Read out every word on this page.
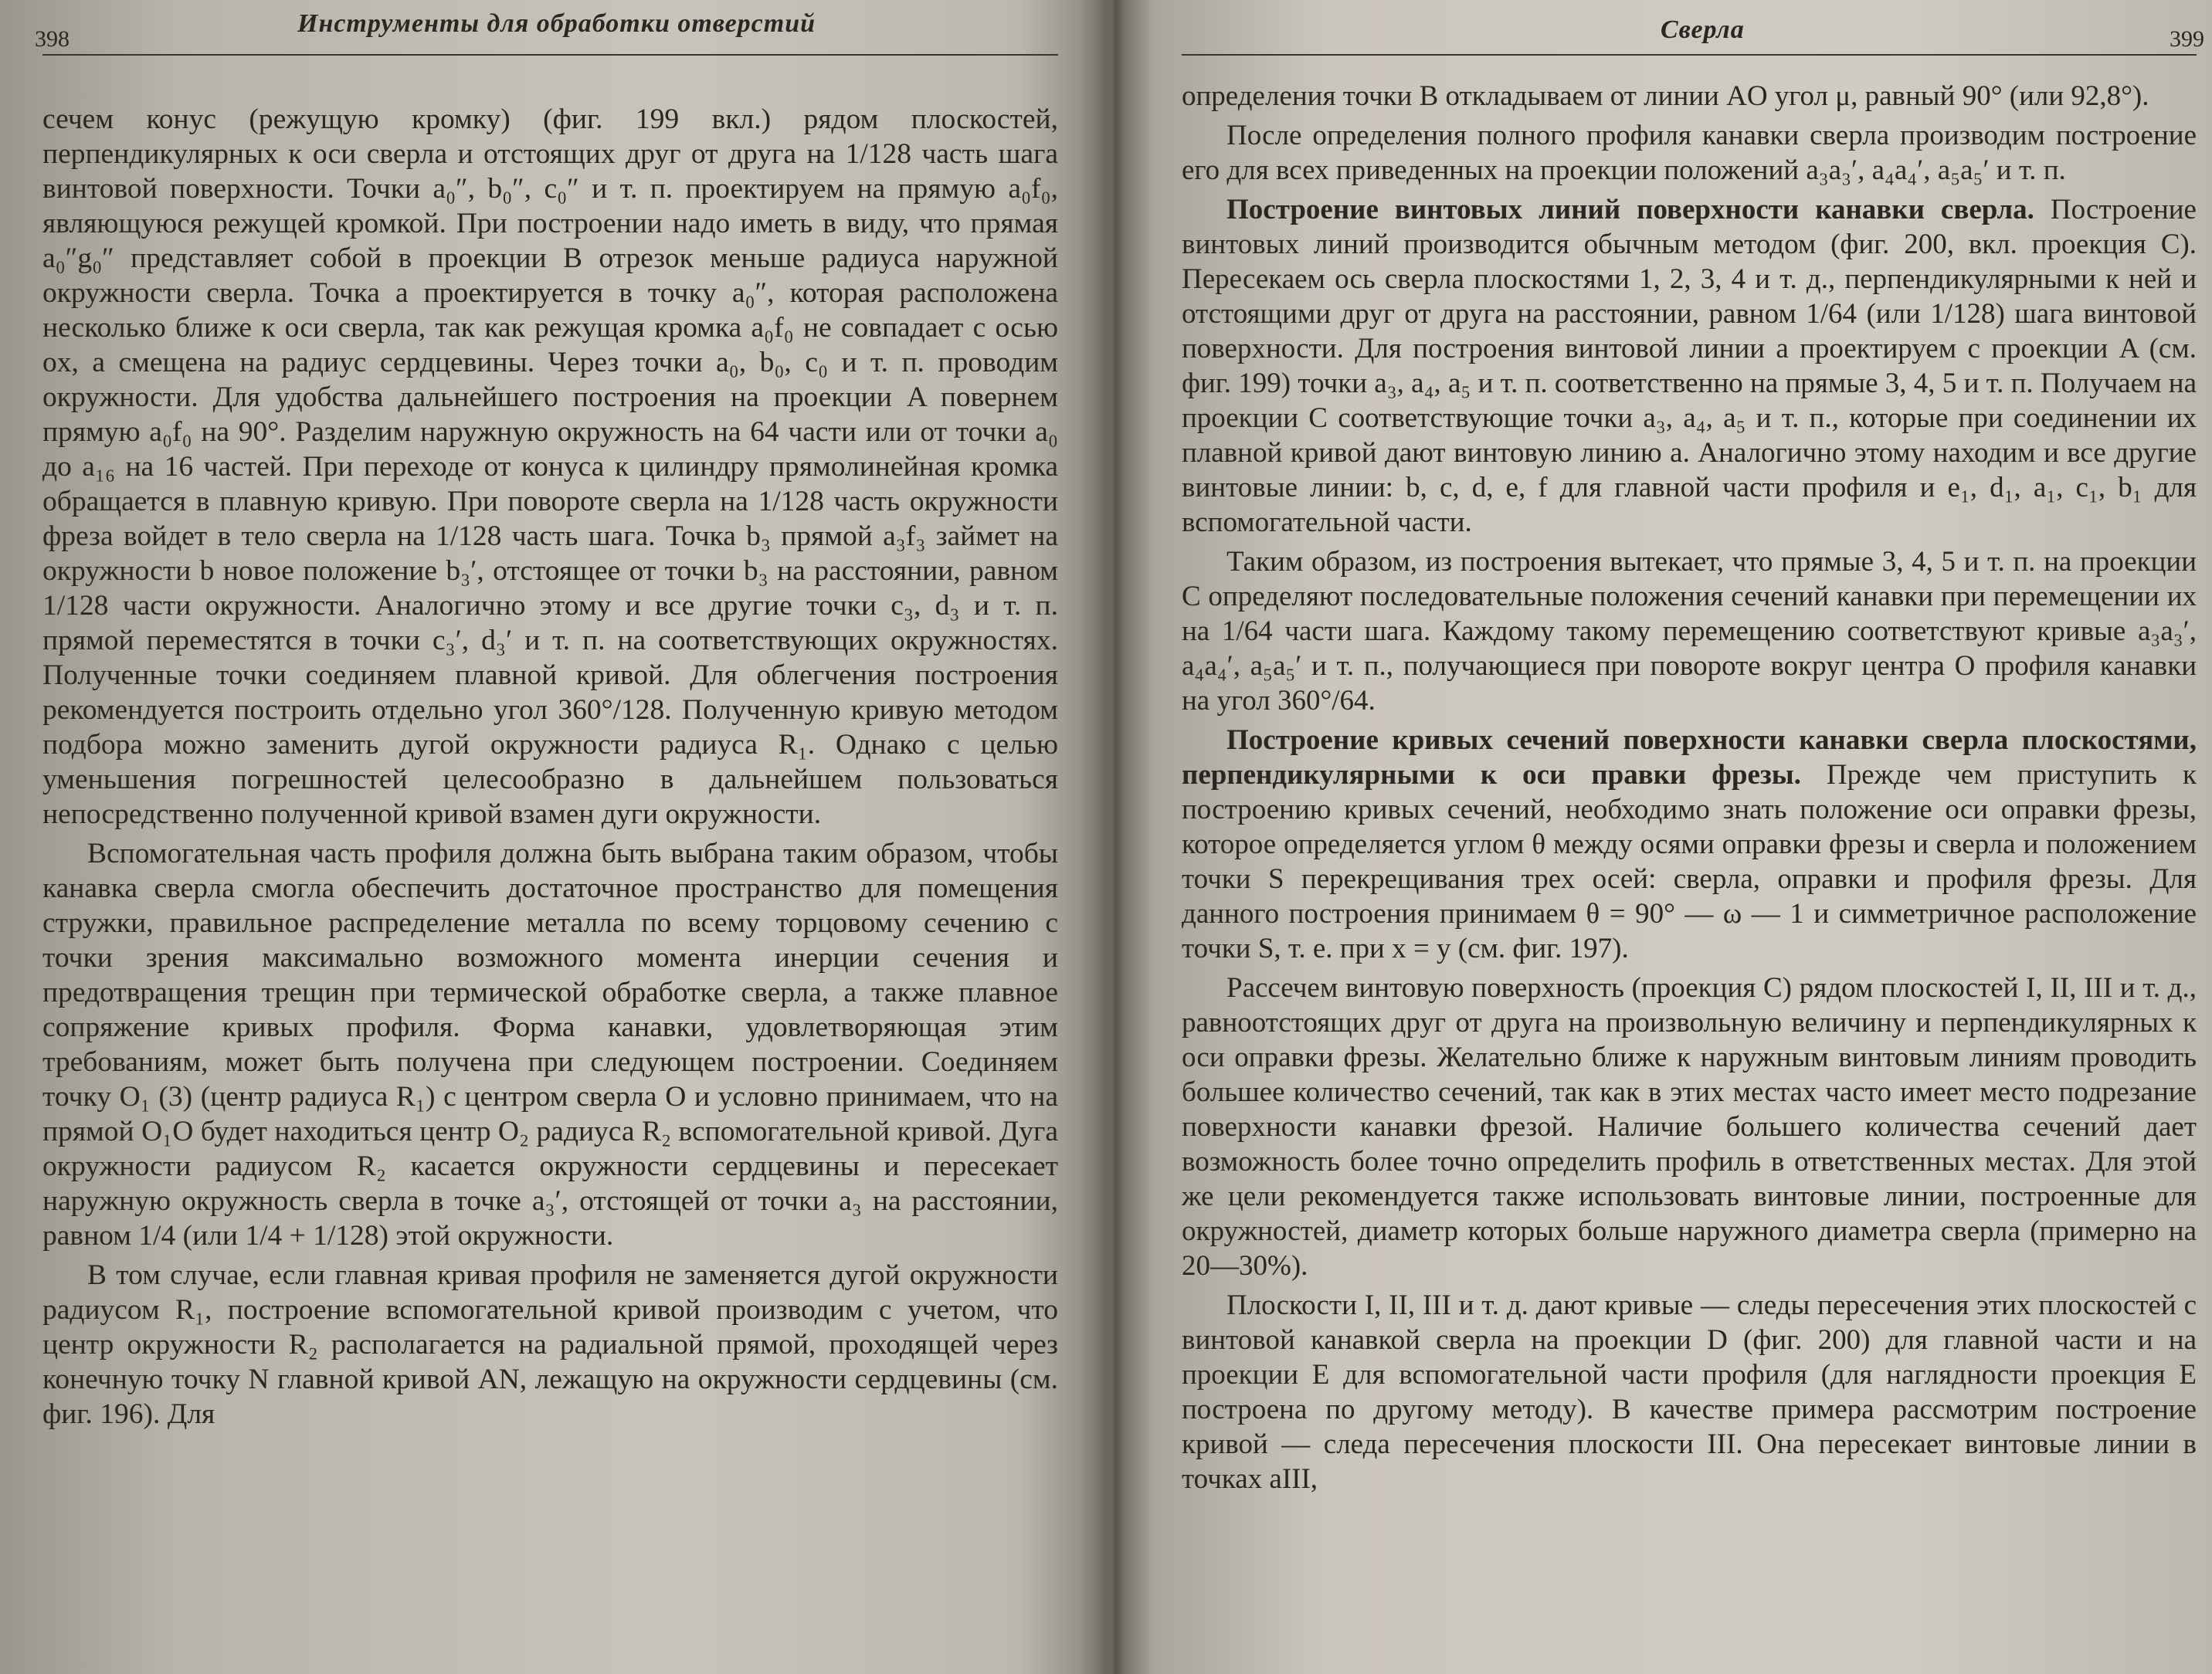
398
Инструменты для обработки отверстий

сечем конус (режущую кромку) (фиг. 199 вкл.) рядом плоскостей, перпендикулярных к оси сверла и отстоящих друг от друга на 1/128 часть шага винтовой поверхности. Точки a₀″, b₀″, c₀″ и т. п. проектируем на прямую a₀f₀, являющуюся режущей кромкой. При построении надо иметь в виду, что прямая a₀″g₀″ представляет собой в проекции B отрезок меньше радиуса наружной окружности сверла. Точка a проектируется в точку a₀″, которая расположена несколько ближе к оси сверла, так как режущая кромка a₀f₀ не совпадает с осью ox, а смещена на радиус сердцевины. Через точки a₀, b₀, c₀ и т. п. проводим окружности. Для удобства дальнейшего построения на проекции A повернем прямую a₀f₀ на 90°. Разделим наружную окружность на 64 части или от точки a₀ до a₁₆ на 16 частей. При переходе от конуса к цилиндру прямолинейная кромка обращается в плавную кривую. При повороте сверла на 1/128 часть окружности фреза войдет в тело сверла на 1/128 часть шага. Точка b₃ прямой a₃f₃ займет на окружности b новое положение b₃′, отстоящее от точки b₃ на расстоянии, равном 1/128 части окружности. Аналогично этому и все другие точки c₃, d₃ и т. п. прямой переместятся в точки c₃′, d₃′ и т. п. на соответствующих окружностях. Полученные точки соединяем плавной кривой. Для облегчения построения рекомендуется построить отдельно угол 360°/128. Полученную кривую методом подбора можно заменить дугой окружности радиуса R₁. Однако с целью уменьшения погрешностей целесообразно в дальнейшем пользоваться непосредственно полученной кривой взамен дуги окружности.

Вспомогательная часть профиля должна быть выбрана таким образом, чтобы канавка сверла смогла обеспечить достаточное пространство для помещения стружки, правильное распределение металла по всему торцовому сечению с точки зрения максимально возможного момента инерции сечения и предотвращения трещин при термической обработке сверла, а также плавное сопряжение кривых профиля. Форма канавки, удовлетворяющая этим требованиям, может быть получена при следующем построении. Соединяем точку O₁ (3) (центр радиуса R₁) с центром сверла O и условно принимаем, что на прямой O₁O будет находиться центр O₂ радиуса R₂ вспомогательной кривой. Дуга окружности радиусом R₂ касается окружности сердцевины и пересекает наружную окружность сверла в точке a₃′, отстоящей от точки a₃ на расстоянии, равном 1/4 (или 1/4 + 1/128) этой окружности.

В том случае, если главная кривая профиля не заменяется дугой окружности радиусом R₁, построение вспомогательной кривой производим с учетом, что центр окружности R₂ располагается на радиальной прямой, проходящей через конечную точку N главной кривой AN, лежащую на окружности сердцевины (см. фиг. 196). Для

Сверла	399

определения точки B откладываем от линии AO угол μ, равный 90° (или 92,8°).

После определения полного профиля канавки сверла производим построение его для всех приведенных на проекции положений a₃a₃′, a₄a₄′, a₅a₅′ и т. п.

Построение винтовых линий поверхности канавки сверла. Построение винтовых линий производится обычным методом (фиг. 200, вкл. проекция C). Пересекаем ось сверла плоскостями 1, 2, 3, 4 и т. д., перпендикулярными к ней и отстоящими друг от друга на расстоянии, равном 1/64 (или 1/128) шага винтовой поверхности. Для построения винтовой линии a проектируем с проекции A (см. фиг. 199) точки a₃, a₄, a₅ и т. п. соответственно на прямые 3, 4, 5 и т. п. Получаем на проекции C соответствующие точки a₃, a₄, a₅ и т. п., которые при соединении их плавной кривой дают винтовую линию a. Аналогично этому находим и все другие винтовые линии: b, c, d, e, f для главной части профиля и e₁, d₁, a₁, c₁, b₁ для вспомогательной части.

Таким образом, из построения вытекает, что прямые 3, 4, 5 и т. п. на проекции C определяют последовательные положения сечений канавки при перемещении их на 1/64 части шага. Каждому такому перемещению соответствуют кривые a₃a₃′, a₄a₄′, a₅a₅′ и т. п., получающиеся при повороте вокруг центра O профиля канавки на угол 360°/64.

Построение кривых сечений поверхности канавки сверла плоскостями, перпендикулярными к оси правки фрезы. Прежде чем приступить к построению кривых сечений, необходимо знать положение оси оправки фрезы, которое определяется углом θ между осями оправки фрезы и сверла и положением точки S перекрещивания трех осей: сверла, оправки и профиля фрезы. Для данного построения принимаем θ = 90° — ω — 1 и симметричное расположение точки S, т. е. при x = y (см. фиг. 197).

Рассечем винтовую поверхность (проекция C) рядом плоскостей I, II, III и т. д., равноотстоящих друг от друга на произвольную величину и перпендикулярных к оси оправки фрезы. Желательно ближе к наружным винтовым линиям проводить большее количество сечений, так как в этих местах часто имеет место подрезание поверхности канавки фрезой. Наличие большего количества сечений дает возможность более точно определить профиль в ответственных местах. Для этой же цели рекомендуется также использовать винтовые линии, построенные для окружностей, диаметр которых больше наружного диаметра сверла (примерно на 20—30%).

Плоскости I, II, III и т. д. дают кривые — следы пересечения этих плоскостей с винтовой канавкой сверла на проекции D (фиг. 200) для главной части и на проекции E для вспомогательной части профиля (для наглядности проекция E построена по другому методу). В качестве примера рассмотрим построение кривой — следа пересечения плоскости III. Она пересекает винтовые линии в точках aIII,
